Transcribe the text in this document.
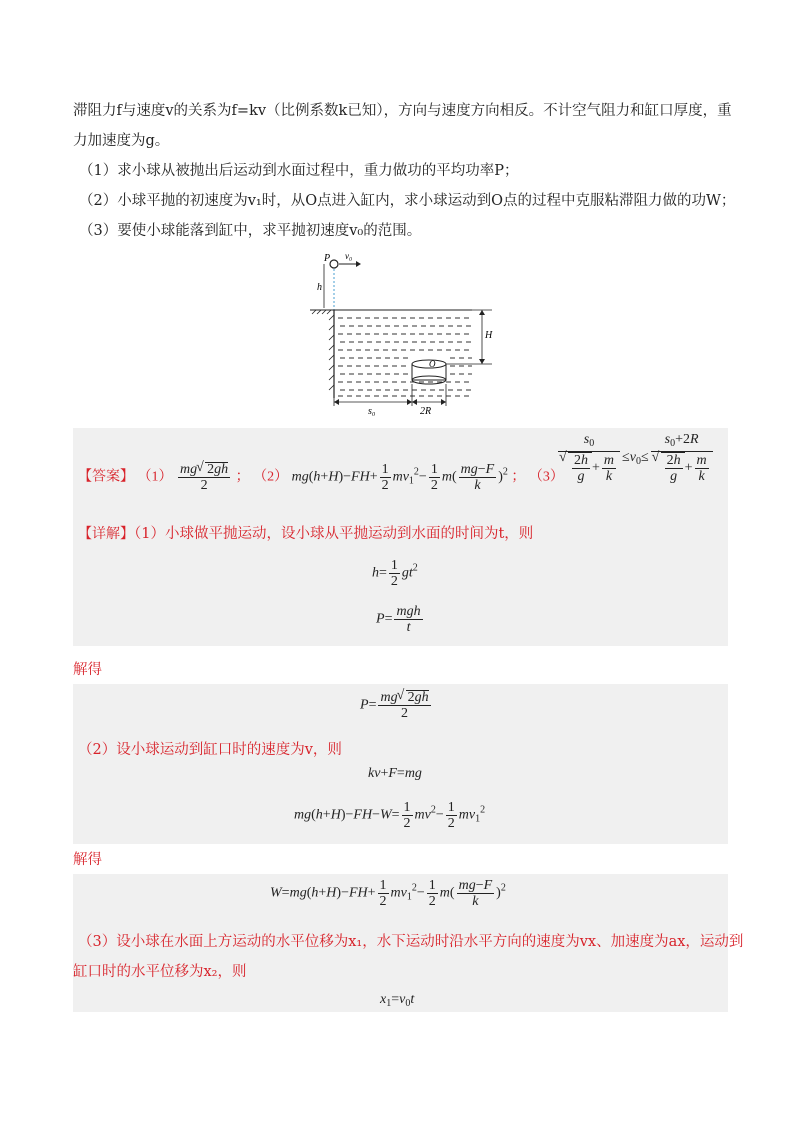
滞阻力f与速度v的关系为f=kv（比例系数k已知），方向与速度方向相反。不计空气阻力和缸口厚度，重
力加速度为g。
（1）求小球从被抛出后运动到水面过程中，重力做功的平均功率P；
（2）小球平抛的初速度为v₁时，从O点进入缸内，求小球运动到O点的过程中克服粘滞阻力做的功W；
（3）要使小球能落到缸中，求平抛初速度v₀的范围。
P v₀
h
H
O
s₀	2R
【答案】 $(1) \frac{mg √ 2gh}{2}$ ； （2） $mg(h+H)-FH+ \frac{1}{2} mv_1^2- \frac{1}{2} m( \frac{mg-F}{k} )^2$ ； （3）
$s_0$
√ $\frac{2h}{g} + \frac{m}{k} \le v_0\le s_0+2R$
√ $\frac{2h}{g} + \frac{m}{k}$
【详解】（1）小球做平抛运动，设小球从平抛运动到水面的时间为t，则
$h= \frac{1}{2} gt^2$
$P= \frac{\text{mgh}}{t}$
解得
$P= \frac{mg √ 2gh}{2}$
（2）设小球运动到缸口时的速度为v，则
kv+F=mg
$mg(h+H)-FH-W= \frac{1}{2} mv^2- \frac{1}{2} mv_1^2$
解得
$W=mg(h+H)-FH+ \frac{1}{2} mv_1^2- \frac{1}{2} m( \frac{mg-F}{k} )^2$
（3）设小球在水面上方运动的水平位移为x₁，水下运动时沿水平方向的速度为vx、加速度为ax，运动到
缸口时的水平位移为x₂，则
$x_1=v_0t$
